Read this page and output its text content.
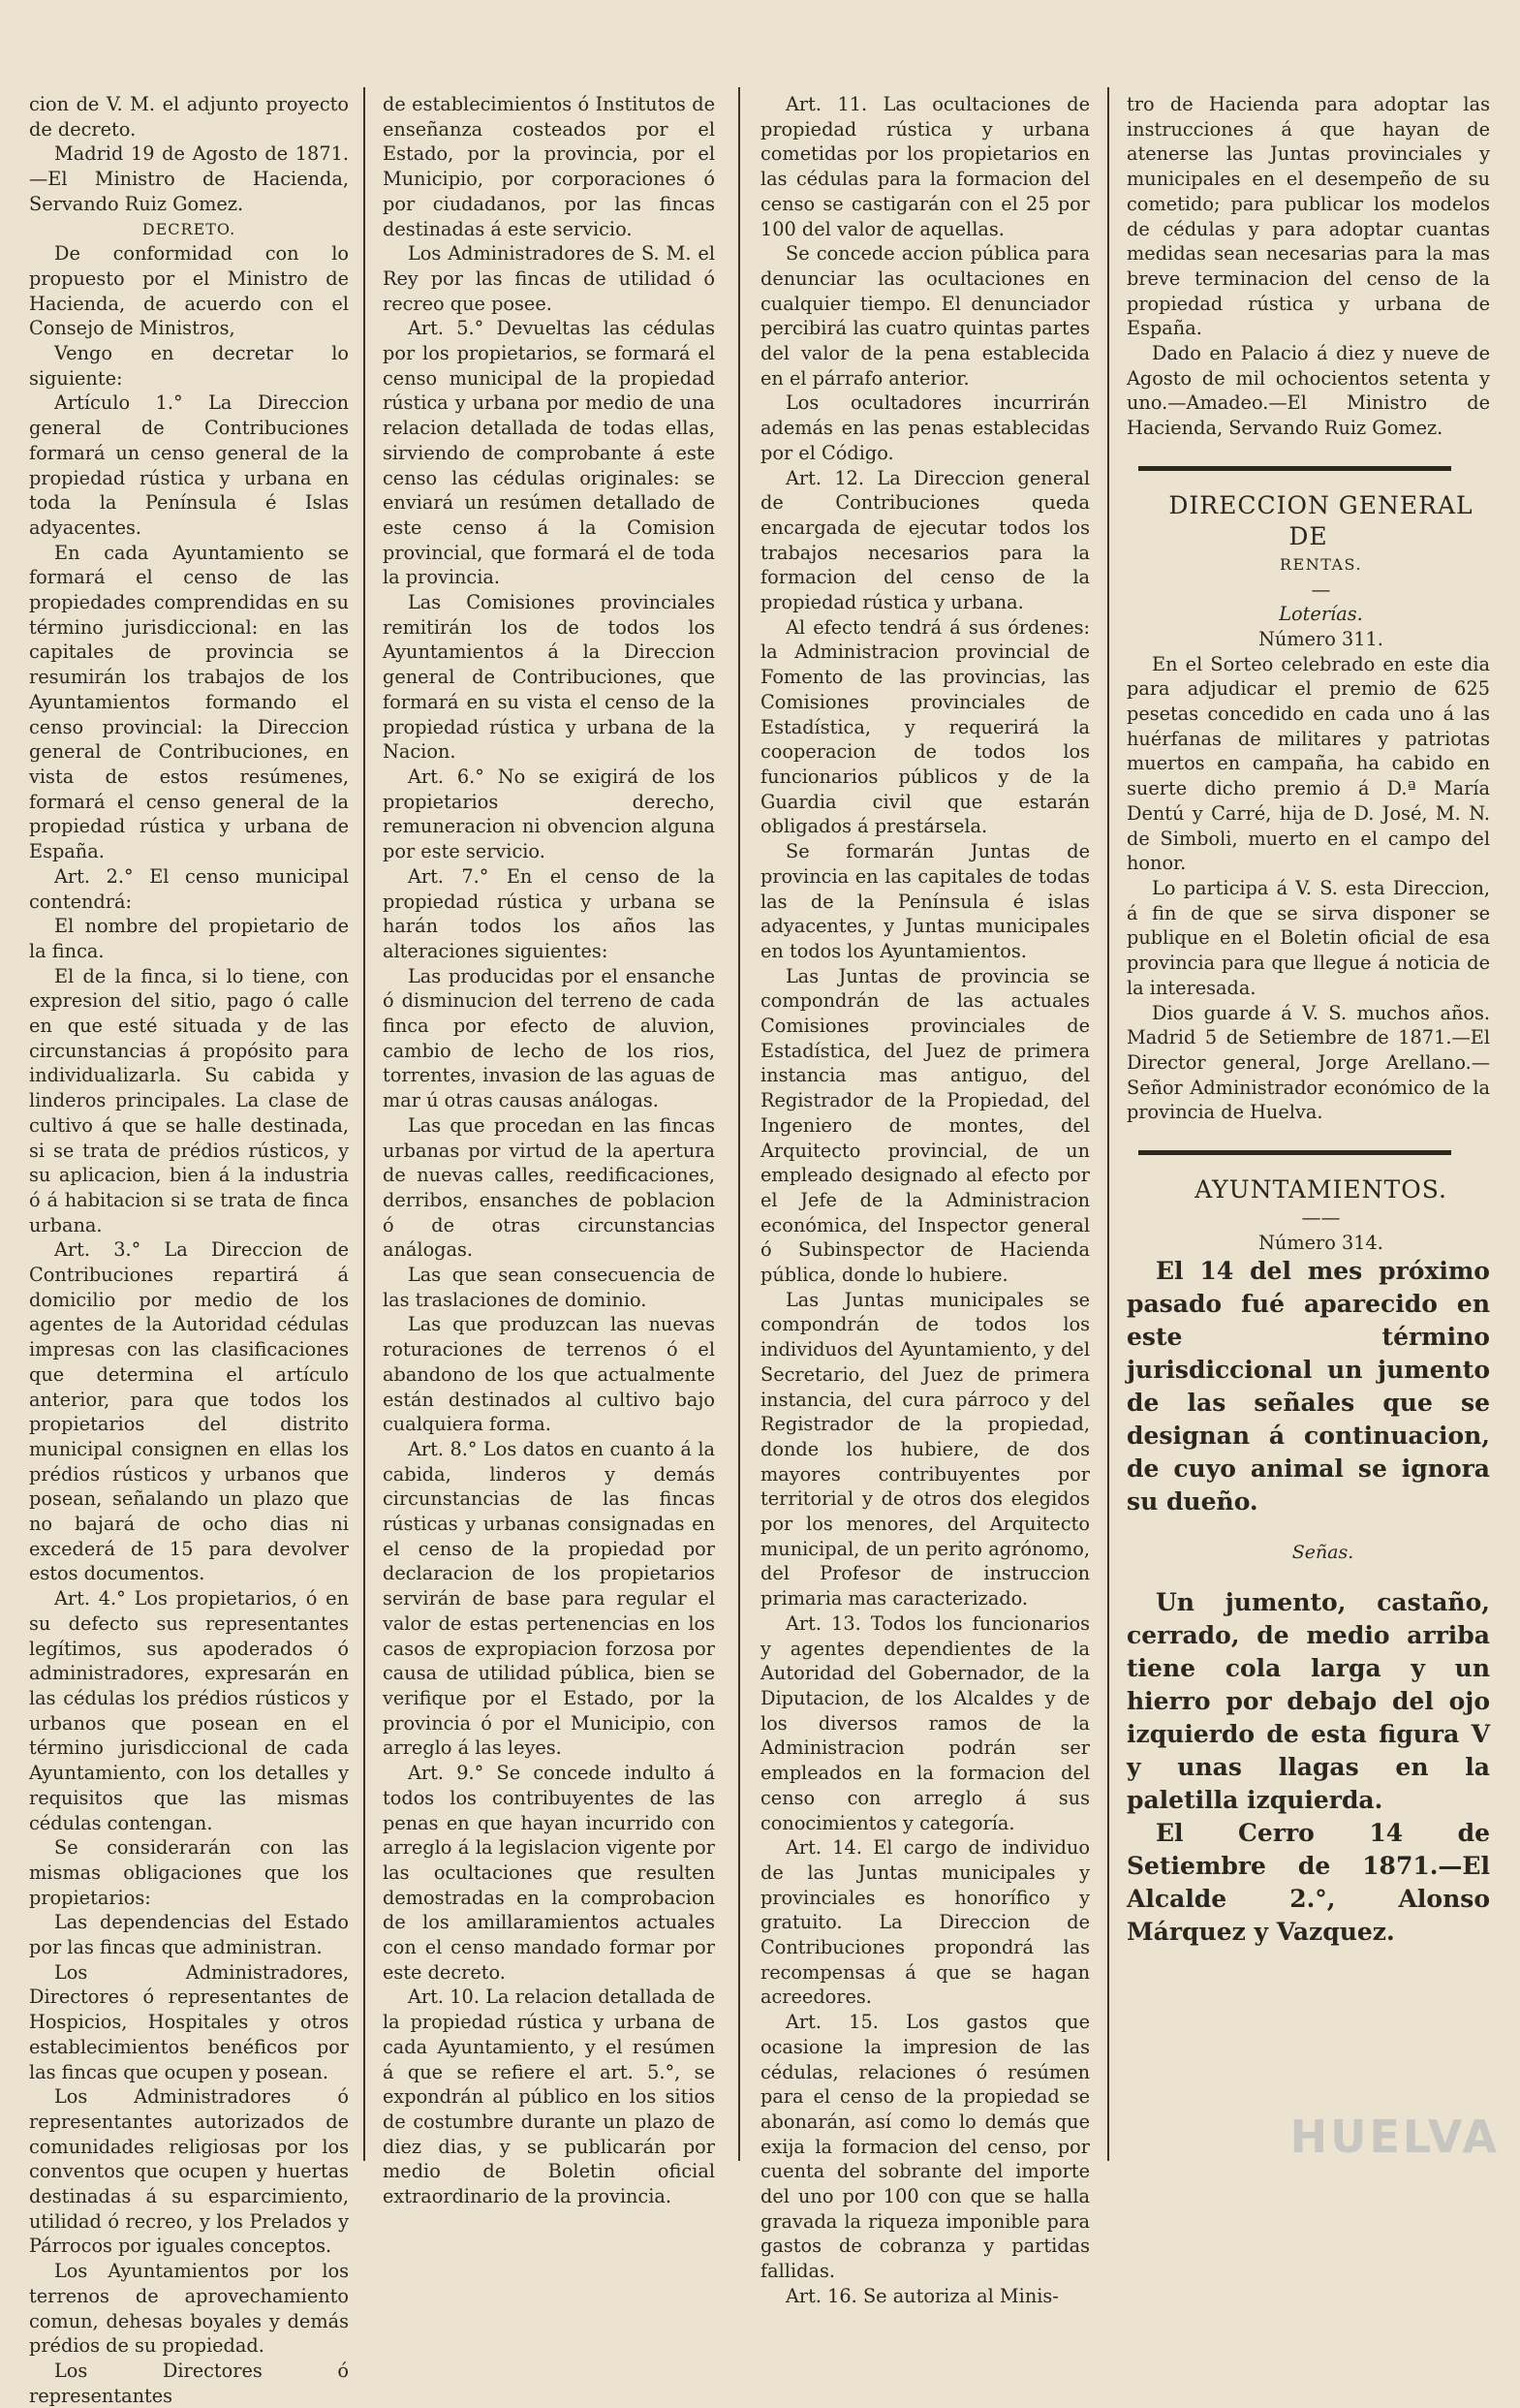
cion de V. M. el adjunto proyecto de decreto.

Madrid 19 de Agosto de 1871.—El Ministro de Hacienda, Servando Ruiz Gomez.

DECRETO.

De conformidad con lo propuesto por el Ministro de Hacienda, de acuerdo con el Consejo de Ministros,

Vengo en decretar lo siguiente:

Artículo 1.° La Direccion general de Contribuciones formará un censo general de la propiedad rústica y urbana en toda la Península é Islas adyacentes.

En cada Ayuntamiento se formará el censo de las propiedades comprendidas en su término jurisdiccional: en las capitales de provincia se resumirán los trabajos de los Ayuntamientos formando el censo provincial: la Direccion general de Contribuciones, en vista de estos resúmenes, formará el censo general de la propiedad rústica y urbana de España.

Art. 2.° El censo municipal contendrá:

El nombre del propietario de la finca.

El de la finca, si lo tiene, con expresion del sitio, pago ó calle en que esté situada y de las circunstancias á propósito para individualizarla. Su cabida y linderos principales. La clase de cultivo á que se halle destinada, si se trata de prédios rústicos, y su aplicacion, bien á la industria ó á habitacion si se trata de finca urbana.

Art. 3.° La Direccion de Contribuciones repartirá á domicilio por medio de los agentes de la Autoridad cédulas impresas con las clasificaciones que determina el artículo anterior, para que todos los propietarios del distrito municipal consignen en ellas los prédios rústicos y urbanos que posean, señalando un plazo que no bajará de ocho dias ni excederá de 15 para devolver estos documentos.

Art. 4.° Los propietarios, ó en su defecto sus representantes legítimos, sus apoderados ó administradores, expresarán en las cédulas los prédios rústicos y urbanos que posean en el término jurisdiccional de cada Ayuntamiento, con los detalles y requisitos que las mismas cédulas contengan.

Se considerarán con las mismas obligaciones que los propietarios:

Las dependencias del Estado por las fincas que administran.

Los Administradores, Directores ó representantes de Hospicios, Hospitales y otros establecimientos benéficos por las fincas que ocupen y posean.

Los Administradores ó representantes autorizados de comunidades religiosas por los conventos que ocupen y huertas destinadas á su esparcimiento, utilidad ó recreo, y los Prelados y Párrocos por iguales conceptos.

Los Ayuntamientos por los terrenos de aprovechamiento comun, dehesas boyales y demás prédios de su propiedad.

Los Directores ó representantes

de establecimientos ó Institutos de enseñanza costeados por el Estado, por la provincia, por el Municipio, por corporaciones ó por ciudadanos, por las fincas destinadas á este servicio.

Los Administradores de S. M. el Rey por las fincas de utilidad ó recreo que posee.

Art. 5.° Devueltas las cédulas por los propietarios, se formará el censo municipal de la propiedad rústica y urbana por medio de una relacion detallada de todas ellas, sirviendo de comprobante á este censo las cédulas originales: se enviará un resúmen detallado de este censo á la Comision provincial, que formará el de toda la provincia.

Las Comisiones provinciales remitirán los de todos los Ayuntamientos á la Direccion general de Contribuciones, que formará en su vista el censo de la propiedad rústica y urbana de la Nacion.

Art. 6.° No se exigirá de los propietarios derecho, remuneracion ni obvencion alguna por este servicio.

Art. 7.° En el censo de la propiedad rústica y urbana se harán todos los años las alteraciones siguientes:

Las producidas por el ensanche ó disminucion del terreno de cada finca por efecto de aluvion, cambio de lecho de los rios, torrentes, invasion de las aguas de mar ú otras causas análogas.

Las que procedan en las fincas urbanas por virtud de la apertura de nuevas calles, reedificaciones, derribos, ensanches de poblacion ó de otras circunstancias análogas.

Las que sean consecuencia de las traslaciones de dominio.

Las que produzcan las nuevas roturaciones de terrenos ó el abandono de los que actualmente están destinados al cultivo bajo cualquiera forma.

Art. 8.° Los datos en cuanto á la cabida, linderos y demás circunstancias de las fincas rústicas y urbanas consignadas en el censo de la propiedad por declaracion de los propietarios servirán de base para regular el valor de estas pertenencias en los casos de expropiacion forzosa por causa de utilidad pública, bien se verifique por el Estado, por la provincia ó por el Municipio, con arreglo á las leyes.

Art. 9.° Se concede indulto á todos los contribuyentes de las penas en que hayan incurrido con arreglo á la legislacion vigente por las ocultaciones que resulten demostradas en la comprobacion de los amillaramientos actuales con el censo mandado formar por este decreto.

Art. 10. La relacion detallada de la propiedad rústica y urbana de cada Ayuntamiento, y el resúmen á que se refiere el art. 5.°, se expondrán al público en los sitios de costumbre durante un plazo de diez dias, y se publicarán por medio de Boletin oficial extraordinario de la provincia.

Art. 11. Las ocultaciones de propiedad rústica y urbana cometidas por los propietarios en las cédulas para la formacion del censo se castigarán con el 25 por 100 del valor de aquellas.

Se concede accion pública para denunciar las ocultaciones en cualquier tiempo. El denunciador percibirá las cuatro quintas partes del valor de la pena establecida en el párrafo anterior.

Los ocultadores incurrirán además en las penas establecidas por el Código.

Art. 12. La Direccion general de Contribuciones queda encargada de ejecutar todos los trabajos necesarios para la formacion del censo de la propiedad rústica y urbana.

Al efecto tendrá á sus órdenes: la Administracion provincial de Fomento de las provincias, las Comisiones provinciales de Estadística, y requerirá la cooperacion de todos los funcionarios públicos y de la Guardia civil que estarán obligados á prestársela.

Se formarán Juntas de provincia en las capitales de todas las de la Península é islas adyacentes, y Juntas municipales en todos los Ayuntamientos.

Las Juntas de provincia se compondrán de las actuales Comisiones provinciales de Estadística, del Juez de primera instancia mas antiguo, del Registrador de la Propiedad, del Ingeniero de montes, del Arquitecto provincial, de un empleado designado al efecto por el Jefe de la Administracion económica, del Inspector general ó Subinspector de Hacienda pública, donde lo hubiere.

Las Juntas municipales se compondrán de todos los individuos del Ayuntamiento, y del Secretario, del Juez de primera instancia, del cura párroco y del Registrador de la propiedad, donde los hubiere, de dos mayores contribuyentes por territorial y de otros dos elegidos por los menores, del Arquitecto municipal, de un perito agrónomo, del Profesor de instruccion primaria mas caracterizado.

Art. 13. Todos los funcionarios y agentes dependientes de la Autoridad del Gobernador, de la Diputacion, de los Alcaldes y de los diversos ramos de la Administracion podrán ser empleados en la formacion del censo con arreglo á sus conocimientos y categoría.

Art. 14. El cargo de individuo de las Juntas municipales y provinciales es honorífico y gratuito. La Direccion de Contribuciones propondrá las recompensas á que se hagan acreedores.

Art. 15. Los gastos que ocasione la impresion de las cédulas, relaciones ó resúmen para el censo de la propiedad se abonarán, así como lo demás que exija la formacion del censo, por cuenta del sobrante del importe del uno por 100 con que se halla gravada la riqueza imponible para gastos de cobranza y partidas fallidas.

Art. 16. Se autoriza al Minis-

tro de Hacienda para adoptar las instrucciones á que hayan de atenerse las Juntas provinciales y municipales en el desempeño de su cometido; para publicar los modelos de cédulas y para adoptar cuantas medidas sean necesarias para la mas breve terminacion del censo de la propiedad rústica y urbana de España.

Dado en Palacio á diez y nueve de Agosto de mil ochocientos setenta y uno.—Amadeo.—El Ministro de Hacienda, Servando Ruiz Gomez.

DIRECCION GENERAL DE

RENTAS.

—

Loterías.

Número 311.

En el Sorteo celebrado en este dia para adjudicar el premio de 625 pesetas concedido en cada uno á las huérfanas de militares y patriotas muertos en campaña, ha cabido en suerte dicho premio á D.ª María Dentú y Carré, hija de D. José, M. N. de Simboli, muerto en el campo del honor.

Lo participa á V. S. esta Direccion, á fin de que se sirva disponer se publique en el Boletin oficial de esa provincia para que llegue á noticia de la interesada.

Dios guarde á V. S. muchos años. Madrid 5 de Setiembre de 1871.—El Director general, Jorge Arellano.—Señor Administrador económico de la provincia de Huelva.

AYUNTAMIENTOS.

——

Número 314.

El 14 del mes próximo pasado fué aparecido en este término jurisdiccional un jumento de las señales que se designan á continuacion, de cuyo animal se ignora su dueño.

Señas.

Un jumento, castaño, cerrado, de medio arriba tiene cola larga y un hierro por debajo del ojo izquierdo de esta figura V y unas llagas en la paletilla izquierda.

El Cerro 14 de Setiembre de 1871.—El Alcalde 2.°, Alonso Márquez y Vazquez.

HUELVA
